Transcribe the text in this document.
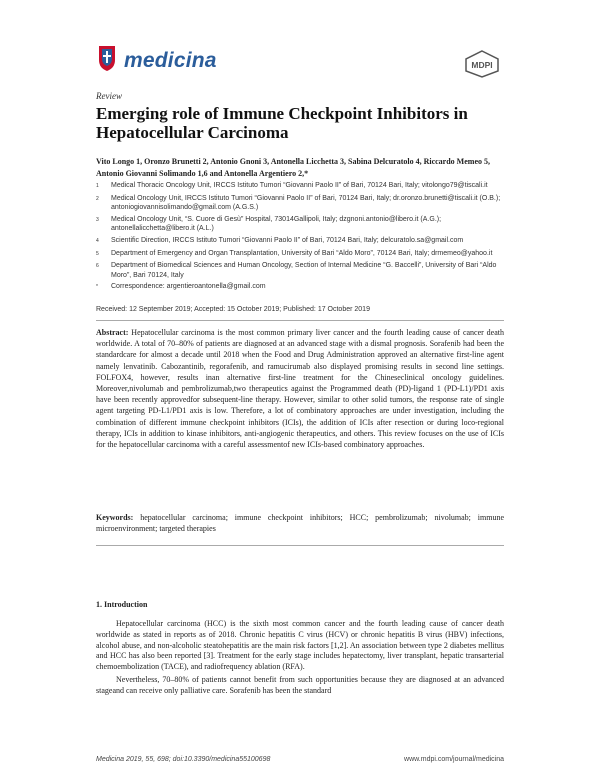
medicina	MDPI
Review
Emerging role of Immune Checkpoint Inhibitors in Hepatocellular Carcinoma
Vito Longo 1, Oronzo Brunetti 2, Antonio Gnoni 3, Antonella Licchetta 3, Sabina Delcuratolo 4, Riccardo Memeo 5, Antonio Giovanni Solimando 1,6 and Antonella Argentiero 2,*
1	Medical Thoracic Oncology Unit, IRCCS Istituto Tumori “Giovanni Paolo II” of Bari, 70124 Bari, Italy; vitolongo79@tiscali.it
2	Medical Oncology Unit, IRCCS Istituto Tumori “Giovanni Paolo II” of Bari, 70124 Bari, Italy; dr.oronzo.brunetti@tiscali.it (O.B.); antoniogiovannisolimando@gmail.com (A.G.S.)
3	Medical Oncology Unit, “S. Cuore di Gesù” Hospital, 73014Gallipoli, Italy; dzgnoni.antonio@libero.it (A.G.); antonellalicchetta@libero.it (A.L.)
4	Scientific Direction, IRCCS Istituto Tumori “Giovanni Paolo II” of Bari, 70124 Bari, Italy; delcuratolo.sa@gmail.com
5	Department of Emergency and Organ Transplantation, University of Bari “Aldo Moro”, 70124 Bari, Italy; drmemeo@yahoo.it
6	Department of Biomedical Sciences and Human Oncology, Section of Internal Medicine “G. Baccelli”, University of Bari “Aldo Moro”, Bari 70124, Italy
*	Correspondence: argentieroantonella@gmail.com
Received: 12 September 2019; Accepted: 15 October 2019; Published: 17 October 2019
Abstract: Hepatocellular carcinoma is the most common primary liver cancer and the fourth leading cause of cancer death worldwide. A total of 70–80% of patients are diagnosed at an advanced stage with a dismal prognosis. Sorafenib had been the standardcare for almost a decade until 2018 when the Food and Drug Administration approved an alternative first-line agent namely lenvatinib. Cabozantinib, regorafenib, and ramucirumab also displayed promising results in second line settings. FOLFOX4, however, results inan alternative first-line treatment for the Chineseclinical oncology guidelines. Moreover,nivolumab and pembrolizumab,two therapeutics against the Programmed death (PD)-ligand 1 (PD-L1)/PD1 axis have been recently approvedfor subsequent-line therapy. However, similar to other solid tumors, the response rate of single agent targeting PD-L1/PD1 axis is low. Therefore, a lot of combinatory approaches are under investigation, including the combination of different immune checkpoint inhibitors (ICIs), the addition of ICIs after resection or during loco-regional therapy, ICIs in addition to kinase inhibitors, anti-angiogenic therapeutics, and others. This review focuses on the use of ICIs for the hepatocellular carcinoma with a careful assessmentof new ICIs-based combinatory approaches.
Keywords: hepatocellular carcinoma; immune checkpoint inhibitors; HCC; pembrolizumab; nivolumab; immune microenvironment; targeted therapies
1. Introduction

Hepatocellular carcinoma (HCC) is the sixth most common cancer and the fourth leading cause of cancer death worldwide as stated in reports as of 2018. Chronic hepatitis C virus (HCV) or chronic hepatitis B virus (HBV) infections, alcohol abuse, and non-alcoholic steatohepatitis are the main risk factors [1,2]. An association between type 2 diabetes mellitus and HCC has also been reported [3]. Treatment for the early stage includes hepatectomy, liver transplant, hepatic transarterial chemoembolization (TACE), and radiofrequency ablation (RFA).

Nevertheless, 70–80% of patients cannot benefit from such opportunities because they are diagnosed at an advanced stageand can receive only palliative care. Sorafenib has been the standard

Medicina 2019, 55, 698; doi:10.3390/medicina55100698	www.mdpi.com/journal/medicina
